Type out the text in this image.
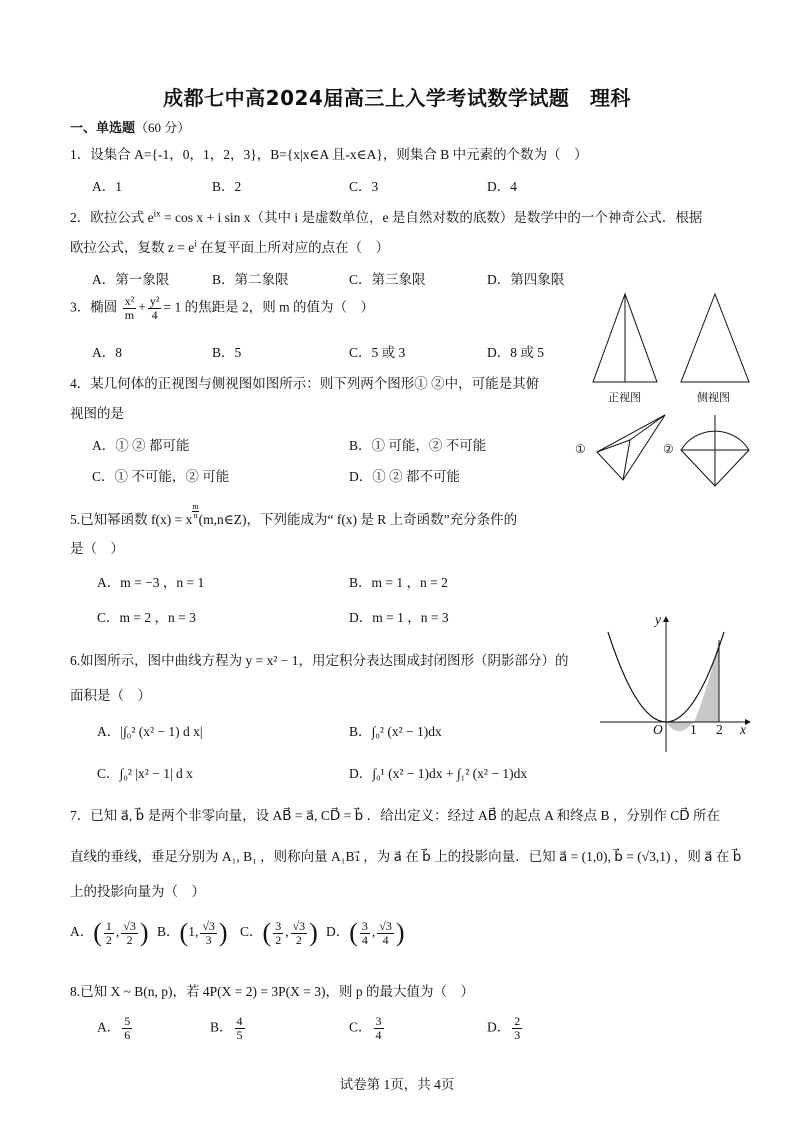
成都七中高2024届高三上入学考试数学试题　理科
一、单选题（60 分）
1．设集合 A={-1，0，1，2，3}，B={x|x∈A 且-x∈A}，则集合 B 中元素的个数为（　）
A．1	B．2	C．3	D．4
2．欧拉公式 $e^{ix} = \cos x + i$ sin x（其中 i 是虚数单位，e 是自然对数的底数）是数学中的一个神奇公式．根据
欧拉公式，复数 $z = e^i$ 在复平面上所对应的点在（　）
A．第一象限	B．第二象限	C．第三象限	D．第四象限
3．椭圆 $\frac{\text{x²}}{m} + \frac{\text{y²}}{4} = 1$ 的焦距是 2，则 m 的值为（　）
A．8	B．5	C．5 或 3	D．8 或 5
4．某几何体的正视图与侧视图如图所示：则下列两个图形① ②中，可能是其俯
视图的是
A．① ② 都可能	B．① 可能，② 不可能
C．① 不可能，② 可能	D．① ② 都不可能
正视图	侧视图
①	②
5.已知幂函数 f(x) = x $^{\frac{m}{n}}$ (m,n∈Z)，下列能成为“ f(x) 是 R 上奇函数”充分条件的
是（　）
A．m = −3 ，n = 1	B．m = 1 ，n = 2
C．m = 2 ，n = 3	D．m = 1 ，n = 3
6.如图所示，图中曲线方程为 y = x² − 1，用定积分表达围成封闭图形（阴影部分）的
面积是（　）
A．|∫₀² (x² − 1) d x|	B．∫₀² (x² − 1)dx
C．∫₀² |x² − 1| d x	D．∫₀¹ (x² − 1)dx + ∫₁² (x² − 1)dx
y
x
O 1 2
7．已知 a⃗, b⃗ 是两个非零向量，设 AB⃗ = a⃗, CD⃗ = b⃗ ．给出定义：经过 AB⃗ 的起点 A 和终点 B ，分别作 CD⃗ 所在
直线的垂线，垂足分别为 A₁, B₁ ，则称向量 A₁B₁⃗ ，为 a⃗ 在 b⃗ 上的投影向量．已知 a⃗ = (1,0), b⃗ = (√3,1) ，则 a⃗ 在 b⃗
上的投影向量为（　）
A．( $\frac{1}{2}$ , $\frac{√3}{2}$ ) B．(1, $\frac{√3}{3}$ ) C．( $\frac{3}{2}$ , $\frac{√3}{2}$ ) D．( $\frac{3}{4}$ , $\frac{√3}{4}$ )
8.已知 X ~ B(n, p)，若 4P(X = 2) = 3P(X = 3)，则 p 的最大值为（　）
A． $\frac{5}{6}$	B． $\frac{4}{5}$	C． $\frac{3}{4}$	D． $\frac{2}{3}$
试卷第 1页，共 4页
